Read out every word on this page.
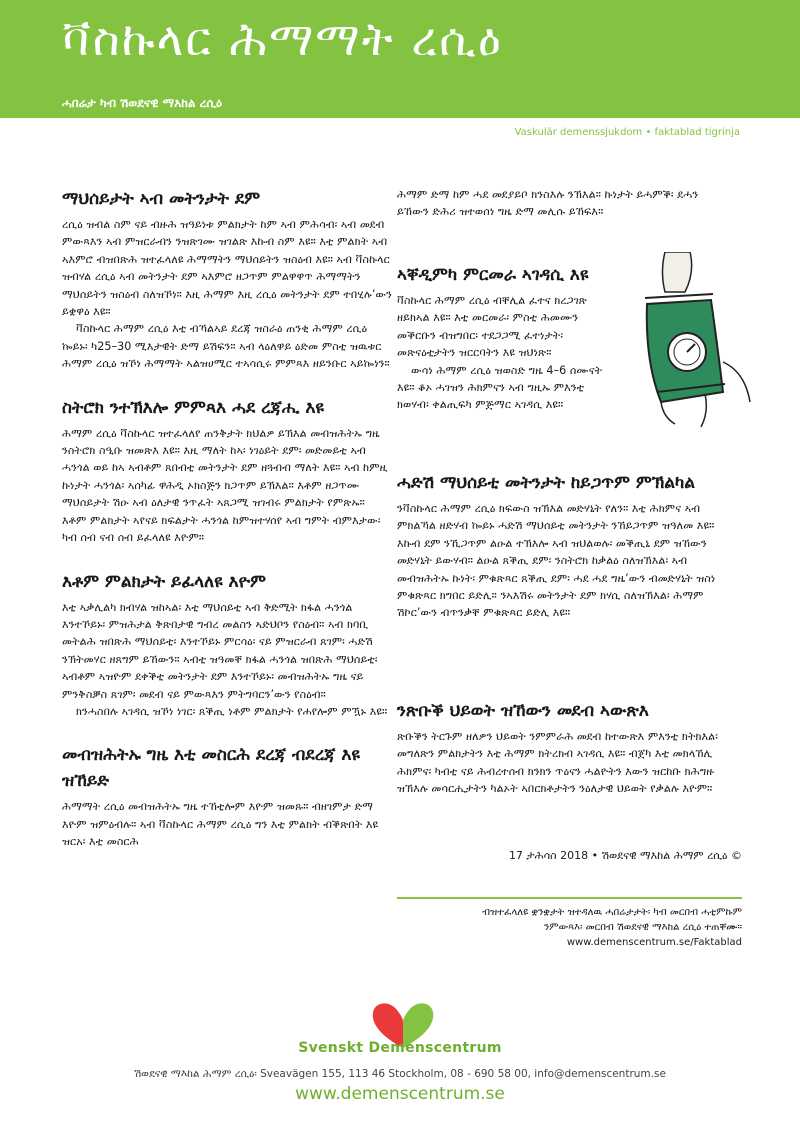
ቫስኩላር ሕማማት ረሲዕ
ሓበሬታ ካብ ሽወደናዊ ማእከል ረሲዕ
Vaskulär demenssjukdom • faktablad tigrinja
ማህሰይታት ኣብ መትንታት ደም

ረሲዕ ዝብል ስም ናይ ብዙሕ ዝዓይነቱ ምልክታት ከም ኣብ ምሕሳብ፡ ኣብ መደብ ምውጻእን ኣብ ምዝርራብን ንዝጽገሙ ዝገልጽ እኩብ ስም እዩ። እቲ ምልክት ኣብ ኣእምሮ ብዝበጽሕ ዝተፈላለዩ ሕማማትን ማህሰይትን ዝስዕብ እዩ። ኣብ ቫስኩላር ዝብሃል ረሲዕ ኣብ መትንታት ደም ኣእምሮ ዘጋጥም ምልዋዋጥ ሕማማትን ማህሰይትን ዝስዕብ ስለዝኾነ። እዚ ሕማም እዚ ረሲዕ መትንታት ደም ተበሂሉ’ውን ይቋዋዕ እዩ።

ቫስኩላር ሕማም ረሲዕ እቲ ብኻልኣይ ደረጃ ዝስራዕ ጠንቂ ሕማም ረሲዕ ኰይኑ፡ ካ25–30 ሚእታዊት ድማ ይሽፍን። ኣብ ላዕለዋይ ዕድመ ምስቲ ዝዉቱር ሕማም ረሲዕ ዝኾነ ሕማማት ኣልዝሀሚር ተኣሳሲሩ ምምጻእ ዘይንቡር ኣይኰነን።

ስትሮክ ንተኽእሎ ምምጻእ ሓደ ረጃሒ እዩ

ሕማም ረሲዕ ቫስኩላር ዝተፈላለየ ጠንቅታት ክህልዎ ይኽእል መብዝሕትኡ ግዜ ንስትሮክ ስዒቡ ዝመጽእ እዩ። እዚ ማለት ከኣ፡ ነገዕይት ደም፡ መድመይቲ ኣብ ሓንጎል ወይ ከኣ ኣብቶም ጸበብቲ መትንታት ደም ዘጓብብ ማለት እዩ። ኣብ ከምዚ ኩነታት ሓንጎል፡ ኣሰካፊ ዋሕዲ ኦክስጅን ክጋጥም ይኽእል። እቶም ዘጋጥሙ ማህሰይታት ሽዑ ኣብ ዕለታዊ ንጥፈት ኣጸጋሚ ዝገብሩ ምልክታት የምጽኡ። እቶም ምልክታት ኣየናይ ክፍልታት ሓንጎል ከምዝተሃሰየ ኣብ ግምት ብምእታው፡ ካብ ሰብ ናብ ሰብ ይፈላለዩ እዮም።

እቶም ምልክታት ይፈላለዩ እዮም

እቲ ኣቃሊልካ ክብሃል ዝከኣል፡ እቲ ማህሰይቲ ኣብ ቅድሚት ክፋል ሓንጎል እንተኾይኑ፡ ምዝሕታል ቅጽበታዊ ግብረ መልስን ኣድህቦን የስዕብ። ኣብ ክባቢ መትልሕ ዝበጽሕ ማህሰይቲ፡ እንተኾይኑ ምርሳዕ፡ ናይ ምዝርራብ ጸገም፡ ሓድሽ ንኽትመሃር ዘጸግም ይኸውን። ኣብቲ ዝዓመቐ ክፋል ሓንጎል ዝበጽሕ ማህሰይቲ፡ ኣብቶም ኣዝዮም ደቀቕቲ መትንታት ደም እንተኾይኑ፡ መብዝሕትኡ ግዜ ናይ ምንቅስቓስ ጸገም፡ መደብ ናይ ምውጻእን ምትግባርን’ውን የስዕብ።

ክንሓስበሉ ኣገዳሲ ዝኾነ ነገር፡ ጸቕጢ ነቶም ምልክታት የሐየሎም ምዃኑ እዩ።

መብዝሕትኡ ግዜ እቲ መስርሕ ደረጃ ብደረጃ እዩ ዝኸይድ

ሕማማት ረሲዕ መብዝሕትኡ ግዜ ተኸቲሎም እዮም ዝመጹ። ብዘገምታ ድማ እዮም ዝምዕብሉ። ኣብ ቫስኩላር ሕማም ረሲዕ ግን እቲ ምልክት ብቕጽበት እዩ ዝርአ፡ እቲ መስርሕ

ሕማም ድማ ከም ሓደ መደያይቦ ክንስእሉ ንኽእል። ኩነታት ይሓምቕ፡ ደሓን ይኸውን ድሕሪ ዝተወሰነ ግዜ ድማ መሊሱ ይኸፍእ።

ኣቐዲምካ ምርመራ ኣገዳሲ እዩ

ቫስኩላር ሕማም ረሲዕ ብቐሊል ፈተና ክረጋገጽ ዘይክኣል እዩ። እቲ መርመራ፡ ምስቲ ሕመሙን መቕርቡን ብዝግበር፡ ተደጋጋሚ ፈተነታት፡ መጽናዕቲታትን ዝርርባትን እዩ ዝህነጽ።

ውሳነ ሕማም ረሲዕ ዝወስድ ግዜ 4–6 ሰሙናት እዩ። ቆኦ ሓገዝን ሕክምናን ኣብ ግዚኡ ምእንቲ ክወሃብ፡ ቀልጢፍካ ምጅማር ኣገዳሲ እዩ።

ሓድሽ ማህሰይቲ መትንታት ከይጋጥም ምኽልካል

ንቫስኩላር ሕማም ረሲዕ ክፍውስ ዝኽእል መድሃኒት የለን። እቲ ሕክምና ኣብ ምክልኻል ዘድሃብ ኰይኑ ሓድሽ ማህሰይቲ መትንታት ንኸይጋጥም ዝዓለመ እዩ። እኩብ ደም ንኺጋጥም ልዑል ተኽእሎ ኣብ ዝህልወሉ፡ መቕጢኒ ደም ዝኸውን መድሃኒት ይውሃብ። ልዑል ጸቕጢ ደም፡ ንስትሮክ ከቃልዕ ስለዝኽእል፡ ኣብ መብዝሕትኡ ኩነት፡ ምቁጽጻር ጸቕጢ ደም፡ ሓደ ሓደ ግዜ’ውን ብመድሃኒት ዝስነ ምቁጽጻር ክግበር ይድሊ። ንኣእሽሩ መትንታት ደም ክሃሲ ስለዝኽእል፡ ሕማም ሽኮር’ውን ብጥንቃቐ ምቁጽጻር ይድሊ እዩ።

ንጽቡቕ ህይወት ዝኸውን መደብ ኣውጽእ

ጽቡቕን ትርጉም ዘለዎን ህይወት ንምምራሕ መደብ ከተውጽእ ምእንቲ ክትክእል፡ መግለጽን ምልክታትን እቲ ሕማም ክትረክብ ኣገዳሲ እዩ። ብጀካ እቲ መክላኸሊ ሕክምና፡ ካብቲ ናይ ሕብረተሰብ ክንክን ጥዕናን ሓልዮትን እውን ዝርከቡ ክሕግዙ ዝኽእሉ መሳርሒታትን ካልኦት ኣበርክቶታትን ንዕለታዊ ህይወት የቃልሉ እዮም።

17 ታሕሳስ 2018 • ሽወደናዊ ማእከል ሕማም ረሲዕ ©
ብዝተፈላለዩ ቋንቋታት ዝተዳለዉ ሓበሬታታት፡ ካብ መርበብ ሓቲምኩም
ንምውጻእ፡ መርበብ ሽወደናዊ ማእከል ረሲዕ ተጠቐሙ።
www.demenscentrum.se/Faktablad
Svenskt Demenscentrum
ሽወደናዊ ማእከል ሕማም ረሲዕ፡ Sveavägen 155, 113 46 Stockholm, 08 - 690 58 00, info@demenscentrum.se
www.demenscentrum.se
